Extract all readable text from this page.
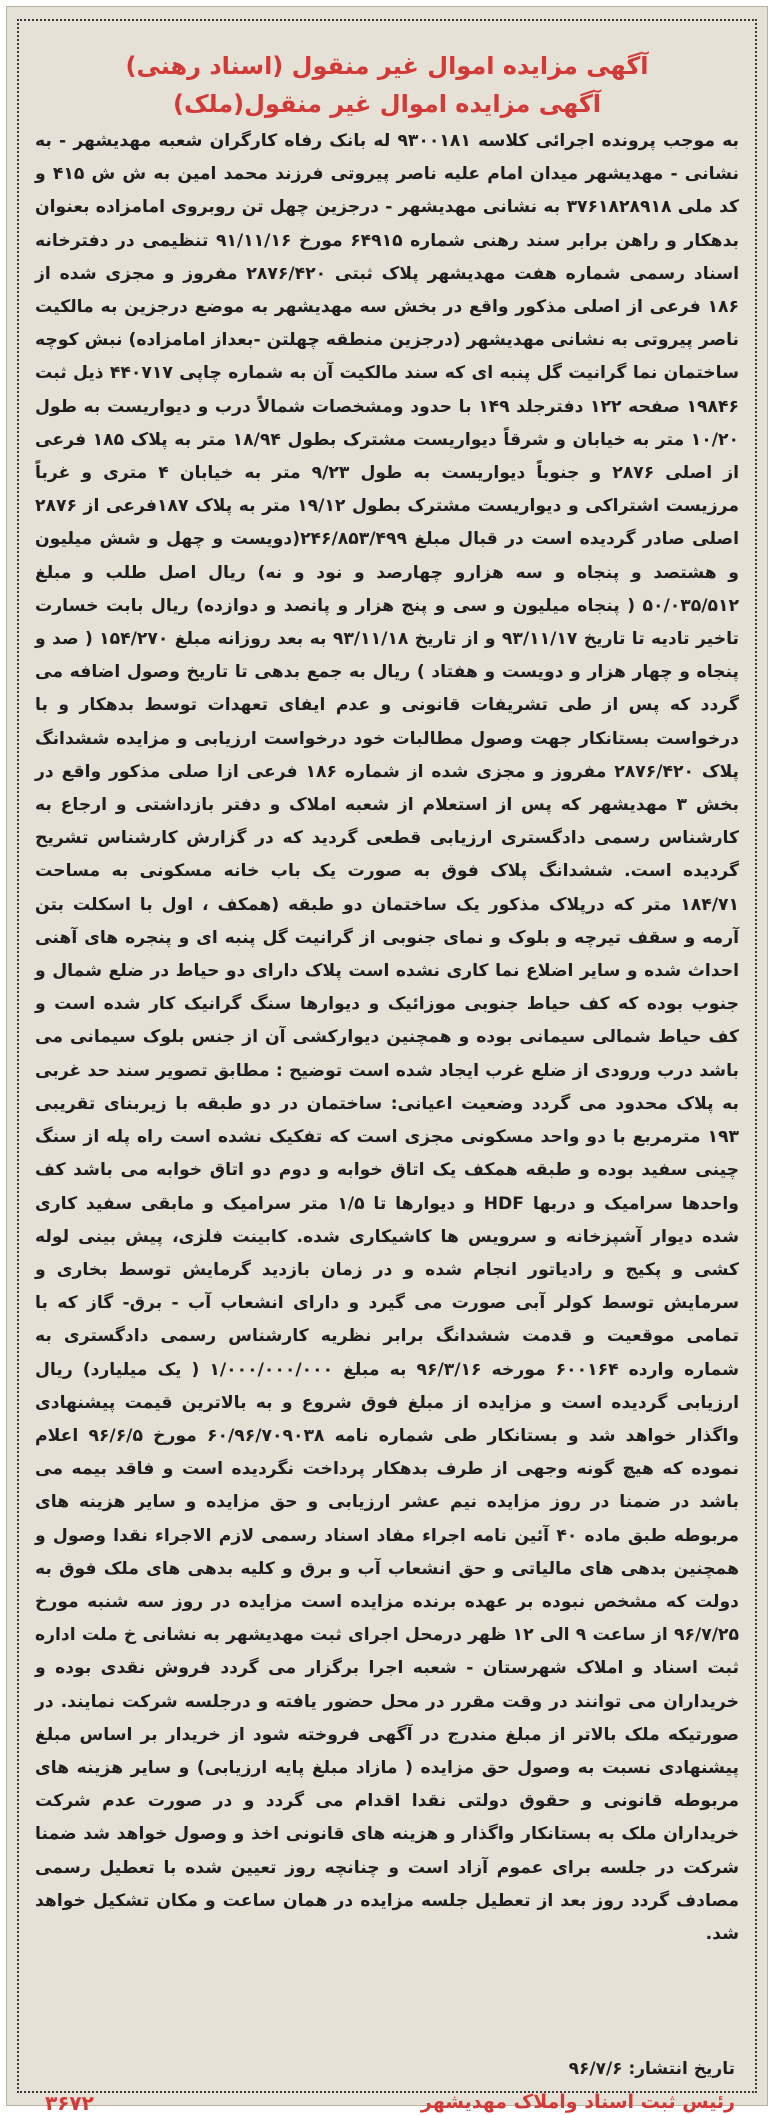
آگهی مزایده اموال غیر منقول (اسناد رهنی)
آگهی مزایده اموال غیر منقول(ملک)
به موجب پرونده اجرائی کلاسه ۹۳۰۰۱۸۱ له بانک رفاه کارگران شعبه مهدیشهر - به نشانی - مهدیشهر میدان امام علیه ناصر پیروتی فرزند محمد امین به ش ش ۴۱۵ و کد ملی ۳۷۶۱۸۲۸۹۱۸ به نشانی مهدیشهر - درجزین چهل تن روبروی امامزاده بعنوان بدهکار و راهن برابر سند رهنی شماره ۶۴۹۱۵ مورخ ۹۱/۱۱/۱۶ تنظیمی در دفترخانه اسناد رسمی شماره هفت مهدیشهر پلاک ثبتی ۲۸۷۶/۴۲۰ مفروز و مجزی شده از ۱۸۶ فرعی از اصلی مذکور واقع در بخش سه مهدیشهر به موضع درجزین به مالکیت ناصر پیروتی به نشانی مهدیشهر (درجزین منطقه چهلتن -بعداز امامزاده) نبش کوچه ساختمان نما گرانیت گل پنبه ای که سند مالکیت آن به شماره چاپی ۴۴۰۷۱۷ ذیل ثبت ۱۹۸۴۶ صفحه ۱۲۲ دفترجلد ۱۴۹ با حدود ومشخصات شمالاً درب و دیواریست به طول ۱۰/۲۰ متر به خیابان و شرقاً دیواریست مشترک بطول ۱۸/۹۴ متر به پلاک ۱۸۵ فرعی از اصلی ۲۸۷۶ و جنوباً دیواریست به طول ۹/۲۳ متر به خیابان ۴ متری و غرباً مرزیست اشتراکی و دیواریست مشترک بطول ۱۹/۱۲ متر به پلاک ۱۸۷فرعی از ۲۸۷۶ اصلی صادر گردیده است در قبال مبلغ ۲۴۶/۸۵۳/۴۹۹(دویست و چهل و شش میلیون و هشتصد و پنجاه و سه هزارو چهارصد و نود و نه) ریال اصل طلب و مبلغ ۵۰/۰۳۵/۵۱۲ ( پنجاه میلیون و سی و پنج هزار و پانصد و دوازده) ریال بابت خسارت تاخیر تادیه تا تاریخ ۹۳/۱۱/۱۷ و از تاریخ ۹۳/۱۱/۱۸ به بعد روزانه مبلغ ۱۵۴/۲۷۰ ( صد و پنجاه و چهار هزار و دویست و هفتاد ) ریال به جمع بدهی تا تاریخ وصول اضافه می گردد که پس از طی تشریفات قانونی و عدم ایفای تعهدات توسط بدهکار و با درخواست بستانکار جهت وصول مطالبات خود درخواست ارزیابی و مزایده ششدانگ پلاک ۲۸۷۶/۴۲۰ مفروز و مجزی شده از شماره ۱۸۶ فرعی ازا صلی مذکور واقع در بخش ۳ مهدیشهر که پس از استعلام از شعبه املاک و دفتر بازداشتی و ارجاع به کارشناس رسمی دادگستری ارزیابی قطعی گردید که در گزارش کارشناس تشریح گردیده است. ششدانگ پلاک فوق به صورت یک باب خانه مسکونی به مساحت ۱۸۴/۷۱ متر که درپلاک مذکور یک ساختمان دو طبقه (همکف ، اول با اسکلت بتن آرمه و سقف تیرچه و بلوک و نمای جنوبی از گرانیت گل پنبه ای و پنجره های آهنی احداث شده و سایر اضلاع نما کاری نشده است پلاک دارای دو حیاط در ضلع شمال و جنوب بوده که کف حیاط جنوبی موزائیک و دیوارها سنگ گرانیک کار شده است و کف حیاط شمالی سیمانی بوده و همچنین دیوارکشی آن از جنس بلوک سیمانی می باشد درب ورودی از ضلع غرب ایجاد شده است توضیح : مطابق تصویر سند حد غربی به پلاک محدود می گردد وضعیت اعیانی: ساختمان در دو طبقه با زیربنای تقریبی ۱۹۳ مترمربع با دو واحد مسکونی مجزی است که تفکیک نشده است راه پله از سنگ چینی سفید بوده و طبقه همکف یک اتاق خوابه و دوم دو اتاق خوابه می باشد کف واحدها سرامیک و دربها HDF و دیوارها تا ۱/۵ متر سرامیک و مابقی سفید کاری شده دیوار آشپزخانه و سرویس ها کاشیکاری شده. کابینت فلزی، پیش بینی لوله کشی و پکیج و رادیاتور انجام شده و در زمان بازدید گرمایش توسط بخاری و سرمایش توسط کولر آبی صورت می گیرد و دارای انشعاب آب - برق- گاز که با تمامی موقعیت و قدمت ششدانگ برابر نظریه کارشناس رسمی دادگستری به شماره وارده ۶۰۰۱۶۴ مورخه ۹۶/۳/۱۶ به مبلغ ۱/۰۰۰/۰۰۰/۰۰۰ ( یک میلیارد) ریال ارزیابی گردیده است و مزایده از مبلغ فوق شروع و به بالاترین قیمت پیشنهادی واگذار خواهد شد و بستانکار طی شماره نامه ۶۰/۹۶/۷۰۹۰۳۸ مورخ ۹۶/۶/۵ اعلام نموده که هیچ گونه وجهی از طرف بدهکار پرداخت نگردیده است و فاقد بیمه می باشد در ضمنا در روز مزایده نیم عشر ارزیابی و حق مزایده و سایر هزینه های مربوطه طبق ماده ۴۰ آئین نامه اجراء مفاد اسناد رسمی لازم الاجراء نقدا وصول و همچنین بدهی های مالیاتی و حق انشعاب آب و برق و کلیه بدهی های ملک فوق به دولت که مشخص نبوده بر عهده برنده مزایده است مزایده در روز سه شنبه مورخ ۹۶/۷/۲۵ از ساعت ۹ الی ۱۲ ظهر درمحل اجرای ثبت مهدیشهر به نشانی خ ملت اداره ثبت اسناد و املاک شهرستان - شعبه اجرا برگزار می گردد فروش نقدی بوده و خریداران می توانند در وقت مقرر در محل حضور یافته و درجلسه شرکت نمایند. در صورتیکه ملک بالاتر از مبلغ مندرج در آگهی فروخته شود از خریدار بر اساس مبلغ پیشنهادی نسبت به وصول حق مزایده ( مازاد مبلغ پایه ارزیابی) و سایر هزینه های مربوطه قانونی و حقوق دولتی نقدا اقدام می گردد و در صورت عدم شرکت خریداران ملک به بستانکار واگذار و هزینه های قانونی اخذ و وصول خواهد شد ضمنا شرکت در جلسه برای عموم آزاد است و چنانچه روز تعیین شده با تعطیل رسمی مصادف گردد روز بعد از تعطیل جلسه مزایده در همان ساعت و مکان تشکیل خواهد شد.
تاریخ انتشار: ۹۶/۷/۶
رئیس ثبت اسناد واملاک مهدیشهر
۳۶۷۲
